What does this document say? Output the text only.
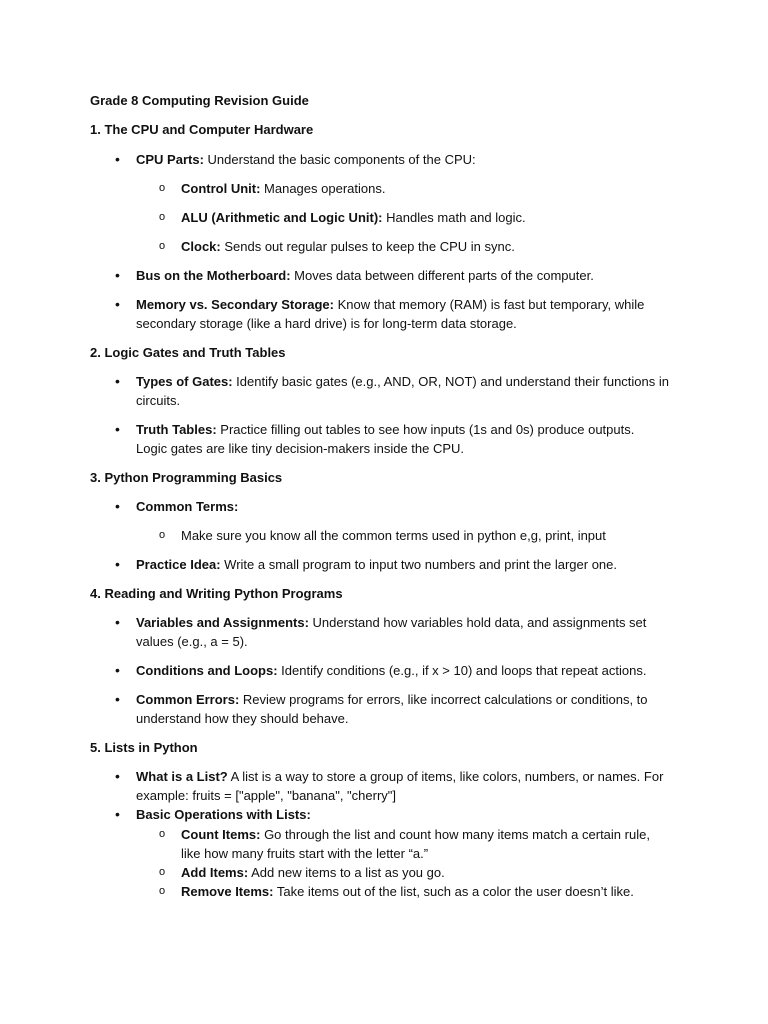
Grade 8 Computing Revision Guide
1. The CPU and Computer Hardware
• CPU Parts: Understand the basic components of the CPU:
o Control Unit: Manages operations.
o ALU (Arithmetic and Logic Unit): Handles math and logic.
o Clock: Sends out regular pulses to keep the CPU in sync.
• Bus on the Motherboard: Moves data between different parts of the computer.
• Memory vs. Secondary Storage: Know that memory (RAM) is fast but temporary, while
secondary storage (like a hard drive) is for long-term data storage.
2. Logic Gates and Truth Tables
• Types of Gates: Identify basic gates (e.g., AND, OR, NOT) and understand their functions in
circuits.
• Truth Tables: Practice filling out tables to see how inputs (1s and 0s) produce outputs.
Logic gates are like tiny decision-makers inside the CPU.
3. Python Programming Basics
• Common Terms:
o Make sure you know all the common terms used in python e,g, print, input
• Practice Idea: Write a small program to input two numbers and print the larger one.
4. Reading and Writing Python Programs
• Variables and Assignments: Understand how variables hold data, and assignments set
values (e.g., a = 5).
• Conditions and Loops: Identify conditions (e.g., if x > 10) and loops that repeat actions.
• Common Errors: Review programs for errors, like incorrect calculations or conditions, to
understand how they should behave.
5. Lists in Python
• What is a List? A list is a way to store a group of items, like colors, numbers, or names. For
example: fruits = ["apple", "banana", "cherry"]
• Basic Operations with Lists:
o Count Items: Go through the list and count how many items match a certain rule,
like how many fruits start with the letter “a.”
o Add Items: Add new items to a list as you go.
o Remove Items: Take items out of the list, such as a color the user doesn’t like.
